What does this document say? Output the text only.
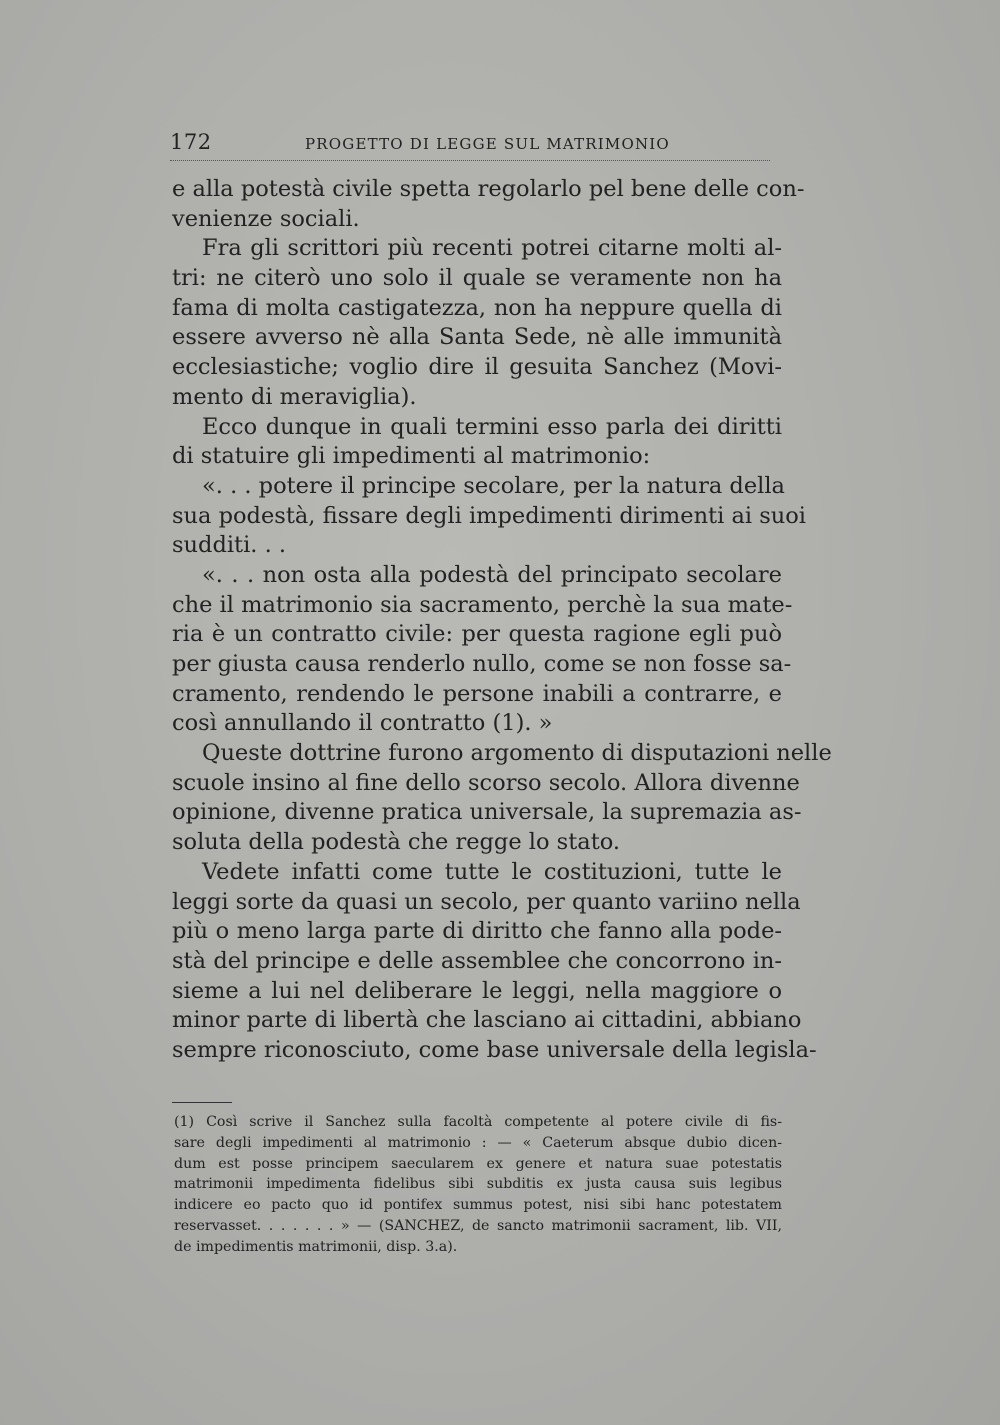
172	PROGETTO DI LEGGE SUL MATRIMONIO
e alla potestà civile spetta regolarlo pel bene delle con-
venienze sociali.
Fra gli scrittori più recenti potrei citarne molti al-
tri: ne citerò uno solo il quale se veramente non ha
fama di molta castigatezza, non ha neppure quella di
essere avverso nè alla Santa Sede, nè alle immunità
ecclesiastiche; voglio dire il gesuita Sanchez (Movi-
mento di meraviglia).
Ecco dunque in quali termini esso parla dei diritti
di statuire gli impedimenti al matrimonio:
«. . . potere il principe secolare, per la natura della
sua podestà, fissare degli impedimenti dirimenti ai suoi
sudditi. . .
«. . . non osta alla podestà del principato secolare
che il matrimonio sia sacramento, perchè la sua mate-
ria è un contratto civile: per questa ragione egli può
per giusta causa renderlo nullo, come se non fosse sa-
cramento, rendendo le persone inabili a contrarre, e
così annullando il contratto (1). »
Queste dottrine furono argomento di disputazioni nelle
scuole insino al fine dello scorso secolo. Allora divenne
opinione, divenne pratica universale, la supremazia as-
soluta della podestà che regge lo stato.
Vedete infatti come tutte le costituzioni, tutte le
leggi sorte da quasi un secolo, per quanto variino nella
più o meno larga parte di diritto che fanno alla pode-
stà del principe e delle assemblee che concorrono in-
sieme a lui nel deliberare le leggi, nella maggiore o
minor parte di libertà che lasciano ai cittadini, abbiano
sempre riconosciuto, come base universale della legisla-
(1) Così scrive il Sanchez sulla facoltà competente al potere civile di fis-
sare degli impedimenti al matrimonio : — « Caeterum absque dubio dicen-
dum est posse principem saecularem ex genere et natura suae potestatis
matrimonii impedimenta fidelibus sibi subditis ex justa causa suis legibus
indicere eo pacto quo id pontifex summus potest, nisi sibi hanc potestatem
reservasset. . . . . . . » — (SANCHEZ, de sancto matrimonii sacrament, lib. VII,
de impedimentis matrimonii, disp. 3.a).
